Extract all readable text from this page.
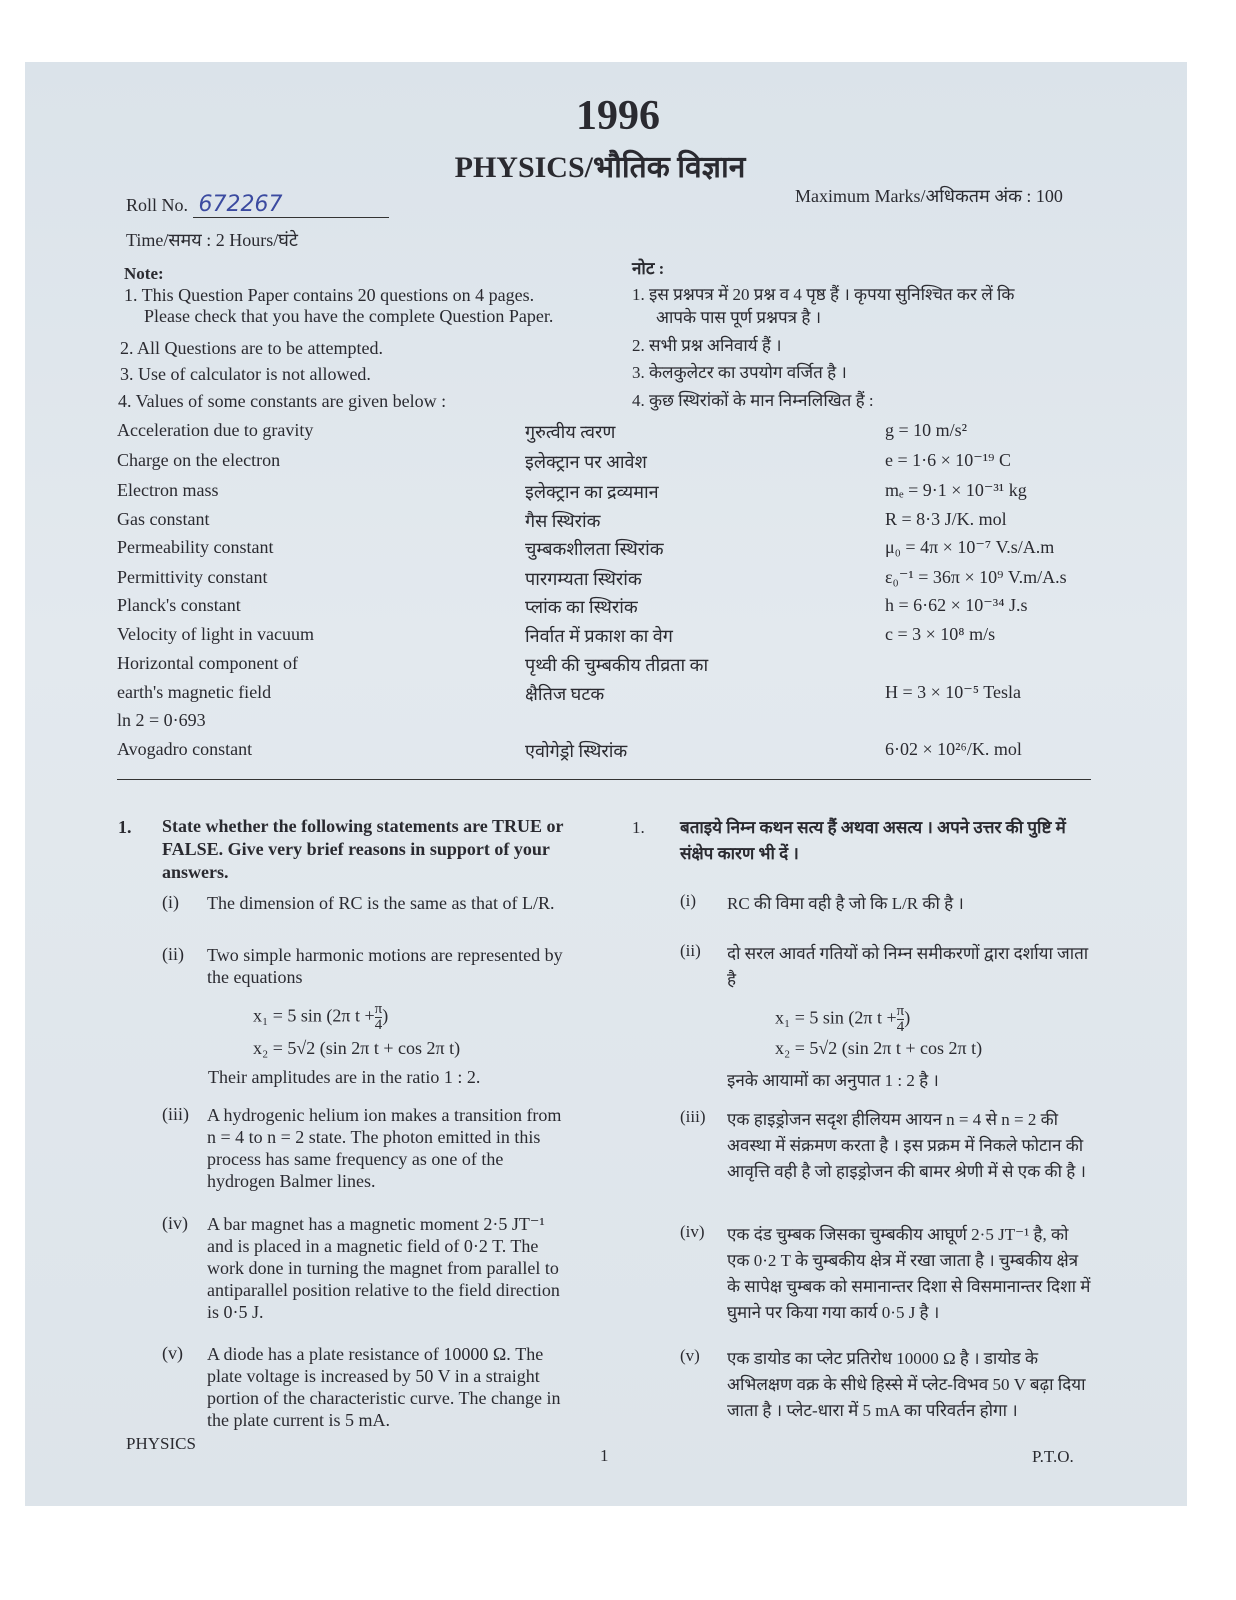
1996
PHYSICS/भौतिक विज्ञान
Roll No. 672267	Maximum Marks/अधिकतम अंक : 100
Time/समय : 2 Hours/घंटे
Note:
1. This Question Paper contains 20 questions on 4 pages.
Please check that you have the complete Question Paper.
2. All Questions are to be attempted.
3. Use of calculator is not allowed.
4. Values of some constants are given below :
नोट :
1. इस प्रश्नपत्र में 20 प्रश्न व 4 पृष्ठ हैं । कृपया सुनिश्चित कर लें कि
आपके पास पूर्ण प्रश्नपत्र है ।
2. सभी प्रश्न अनिवार्य हैं ।
3. केलकुलेटर का उपयोग वर्जित है ।
4. कुछ स्थिरांकों के मान निम्नलिखित हैं :
Acceleration due to gravity	गुरुत्वीय त्वरण	g = 10 m/s²
Charge on the electron	इलेक्ट्रान पर आवेश	e = 1·6 × 10⁻¹⁹ C
Electron mass	इलेक्ट्रान का द्रव्यमान	mₑ = 9·1 × 10⁻³¹ kg
Gas constant	गैस स्थिरांक	R = 8·3 J/K. mol
Permeability constant	चुम्बकशीलता स्थिरांक	μ₀ = 4π × 10⁻⁷ V.s/A.m
Permittivity constant	पारगम्यता स्थिरांक	ε₀⁻¹ = 36π × 10⁹ V.m/A.s
Planck's constant	प्लांक का स्थिरांक	h = 6·62 × 10⁻³⁴ J.s
Velocity of light in vacuum	निर्वात में प्रकाश का वेग	c = 3 × 10⁸ m/s
Horizontal component of	पृथ्वी की चुम्बकीय तीव्रता का
earth's magnetic field	क्षैतिज घटक	H = 3 × 10⁻⁵ Tesla
ln 2 = 0·693
Avogadro constant	एवोगेड्रो स्थिरांक	6·02 × 10²⁶/K. mol
1. State whether the following statements are TRUE or FALSE. Give very brief reasons in support of your answers.
(i) The dimension of RC is the same as that of L/R.
(ii) Two simple harmonic motions are represented by the equations
(iii) A hydrogenic helium ion makes a transition from n = 4 to n = 2 state. The photon emitted in this process has same frequency as one of the hydrogen Balmer lines.
(iv) A bar magnet has a magnetic moment 2·5 JT⁻¹ and is placed in a magnetic field of 0·2 T. The work done in turning the magnet from parallel to antiparallel position relative to the field direction is 0·5 J.
(v) A diode has a plate resistance of 10000 Ω. The plate voltage is increased by 50 V in a straight portion of the characteristic curve. The change in the plate current is 5 mA.
x₁ = 5 sin (2π $t + \frac{\pi}{4}$ )
x₂ = 5√2 (sin 2π t + cos 2π t)
Their amplitudes are in the ratio 1 : 2.
1. बताइये निम्न कथन सत्य हैं अथवा असत्य । अपने उत्तर की पुष्टि में संक्षेप कारण भी दें ।
(i) RC की विमा वही है जो कि L/R की है ।
(ii) दो सरल आवर्त गतियों को निम्न समीकरणों द्वारा दर्शाया जाता है
(iii) एक हाइड्रोजन सदृश हीलियम आयन n = 4 से n = 2 की अवस्था में संक्रमण करता है । इस प्रक्रम में निकले फोटान की आवृत्ति वही है जो हाइड्रोजन की बामर श्रेणी में से एक की है ।
(iv) एक दंड चुम्बक जिसका चुम्बकीय आघूर्ण 2·5 JT⁻¹ है, को एक 0·2 T के चुम्बकीय क्षेत्र में रखा जाता है । चुम्बकीय क्षेत्र के सापेक्ष चुम्बक को समानान्तर दिशा से विसमानान्तर दिशा में घुमाने पर किया गया कार्य 0·5 J है ।
(v) एक डायोड का प्लेट प्रतिरोध 10000 Ω है । डायोड के अभिलक्षण वक्र के सीधे हिस्से में प्लेट-विभव 50 V बढ़ा दिया जाता है । प्लेट-धारा में 5 mA का परिवर्तन होगा ।
x₁ = 5 sin (2π $t + \frac{\pi}{4}$ )
x₂ = 5√2 (sin 2π t + cos 2π t)
इनके आयामों का अनुपात 1 : 2 है ।
PHYSICS
1	P.T.O.
